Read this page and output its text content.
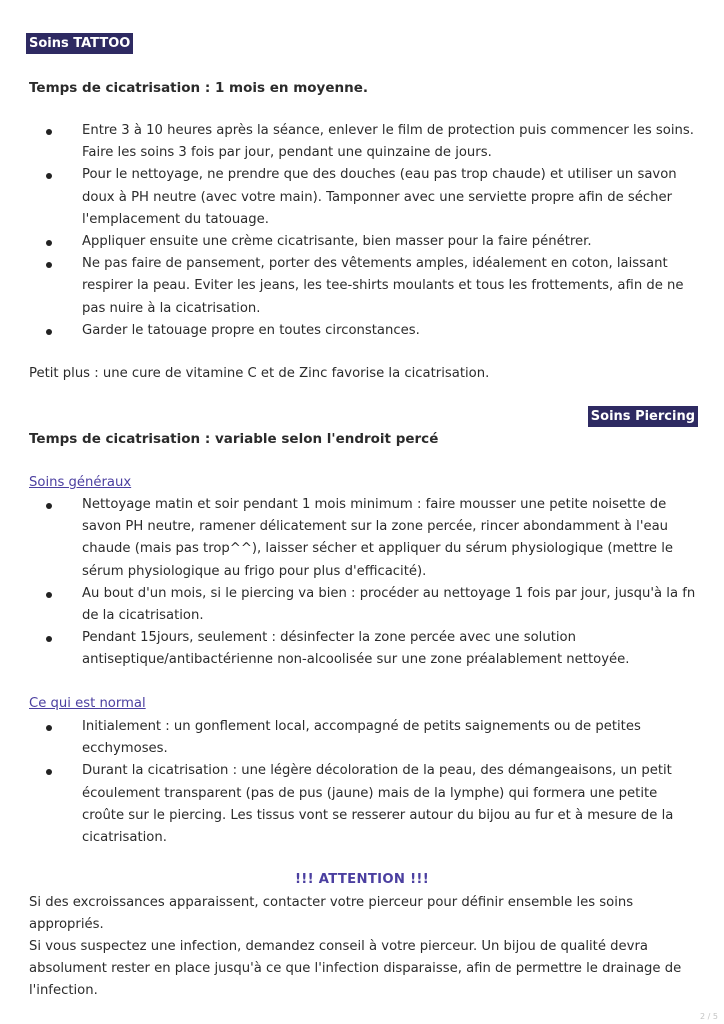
Soins TATTOO
Temps de cicatrisation : 1 mois en moyenne.
Entre 3 à 10 heures après la séance, enlever le film de protection puis commencer les soins. Faire les soins 3 fois par jour, pendant une quinzaine de jours.
Pour le nettoyage, ne prendre que des douches (eau pas trop chaude) et utiliser un savon doux à PH neutre (avec votre main). Tamponner avec une serviette propre afin de sécher l'emplacement du tatouage.
Appliquer ensuite une crème cicatrisante, bien masser pour la faire pénétrer.
Ne pas faire de pansement, porter des vêtements amples, idéalement en coton, laissant respirer la peau. Eviter les jeans, les tee-shirts moulants et tous les frottements, afin de ne pas nuire à la cicatrisation.
Garder le tatouage propre en toutes circonstances.
Petit plus : une cure de vitamine C et de Zinc favorise la cicatrisation.
Soins Piercing
Temps de cicatrisation : variable selon l'endroit percé
Soins généraux
Nettoyage matin et soir pendant 1 mois minimum : faire mousser une petite noisette de savon PH neutre, ramener délicatement sur la zone percée, rincer abondamment à l'eau chaude (mais pas trop^^), laisser sécher et appliquer du sérum physiologique (mettre le sérum physiologique au frigo pour plus d'efficacité).
Au bout d'un mois, si le piercing va bien : procéder au nettoyage 1 fois par jour, jusqu'à la fn de la cicatrisation.
Pendant 15jours, seulement : désinfecter la zone percée avec une solution antiseptique/antibactérienne non-alcoolisée sur une zone préalablement nettoyée.
Ce qui est normal
Initialement : un gonflement local, accompagné de petits saignements ou de petites ecchymoses.
Durant la cicatrisation : une légère décoloration de la peau, des démangeaisons, un petit écoulement transparent (pas de pus (jaune) mais de la lymphe) qui formera une petite croûte sur le piercing. Les tissus vont se resserer autour du bijou au fur et à mesure de la cicatrisation.
!!! ATTENTION !!!
Si des excroissances apparaissent, contacter votre pierceur pour définir ensemble les soins appropriés.
Si vous suspectez une infection, demandez conseil à votre pierceur. Un bijou de qualité devra absolument rester en place jusqu'à ce que l'infection disparaisse, afin de permettre le drainage de l'infection.
2 / 5
